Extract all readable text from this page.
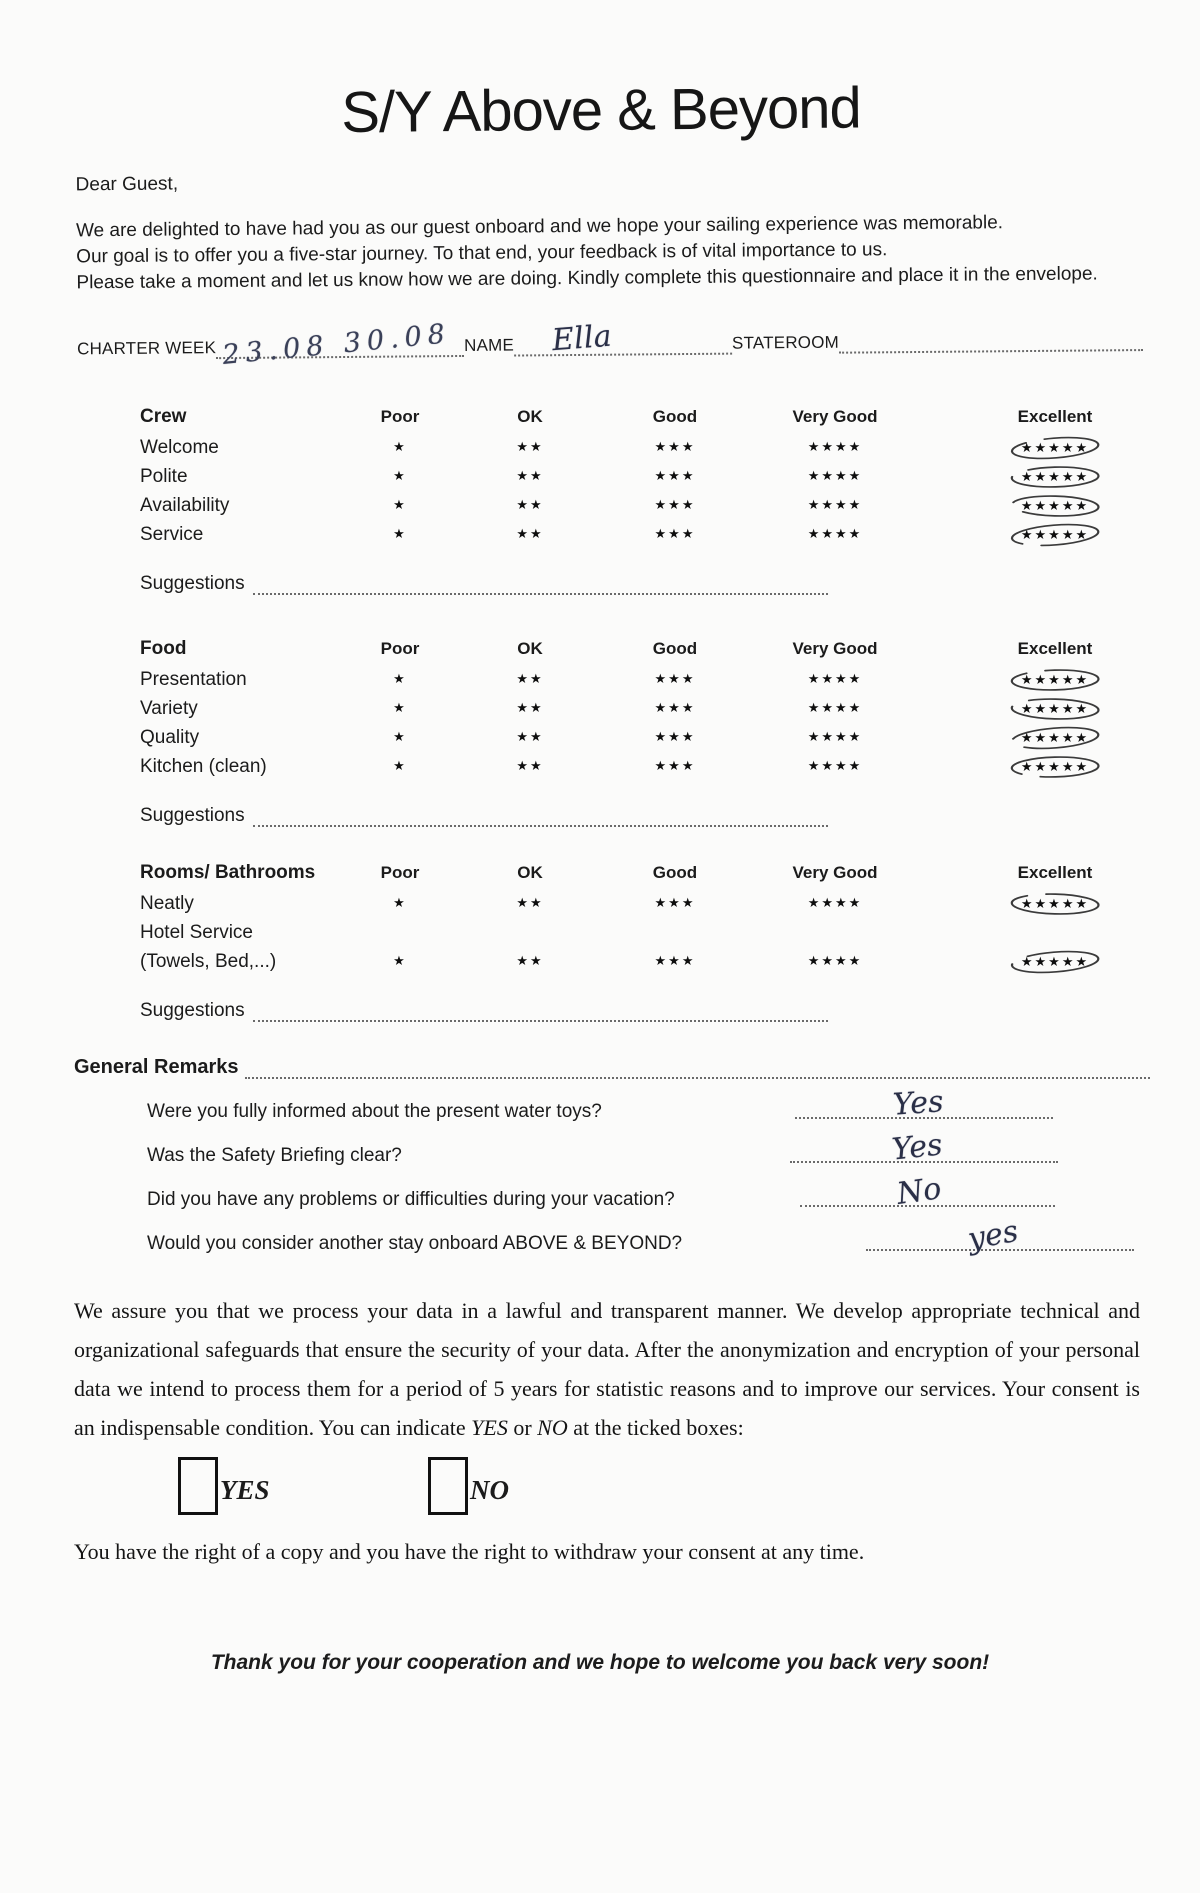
S/Y Above & Beyond

Dear Guest,

We are delighted to have had you as our guest onboard and we hope your sailing experience was memorable.
Our goal is to offer you a five-star journey. To that end, your feedback is of vital importance to us.
Please take a moment and let us know how we are doing. Kindly complete this questionnaire and place it in the envelope.
CHARTER WEEK 23.08 30.08 NAME Ella	STATEROOM
Crew	Poor	OK	Good	Very Good	Excellent
Welcome	★	★★	★★★	★★★★	★★★★★
Polite	★	★★	★★★	★★★★	★★★★★
Availability	★	★★	★★★	★★★★	★★★★★
Service	★	★★	★★★	★★★★	★★★★★
Suggestions
Food	Poor	OK	Good	Very Good	Excellent
Presentation	★	★★	★★★	★★★★	★★★★★
Variety	★	★★	★★★	★★★★	★★★★★
Quality	★	★★	★★★	★★★★	★★★★★
Kitchen (clean)	★	★★	★★★	★★★★	★★★★★
Suggestions
Rooms/ Bathrooms	Poor	OK	Good	Very Good	Excellent
Neatly	★	★★	★★★	★★★★	★★★★★
Hotel Service
(Towels, Bed,...)	★	★★	★★★	★★★★	★★★★★
Suggestions
General Remarks
Were you fully informed about the present water toys?	Yes
Was the Safety Briefing clear?	Yes
Did you have any problems or difficulties during your vacation?	No
Would you consider another stay onboard ABOVE & BEYOND?	yes
We assure you that we process your data in a lawful and transparent manner. We develop appropriate technical and organizational safeguards that ensure the security of your data. After the anonymization and encryption of your personal data we intend to process them for a period of 5 years for statistic reasons and to improve our services. Your consent is an indispensable condition. You can indicate YES or NO at the ticked boxes:
YES	NO

You have the right of a copy and you have the right to withdraw your consent at any time.

Thank you for your cooperation and we hope to welcome you back very soon!
